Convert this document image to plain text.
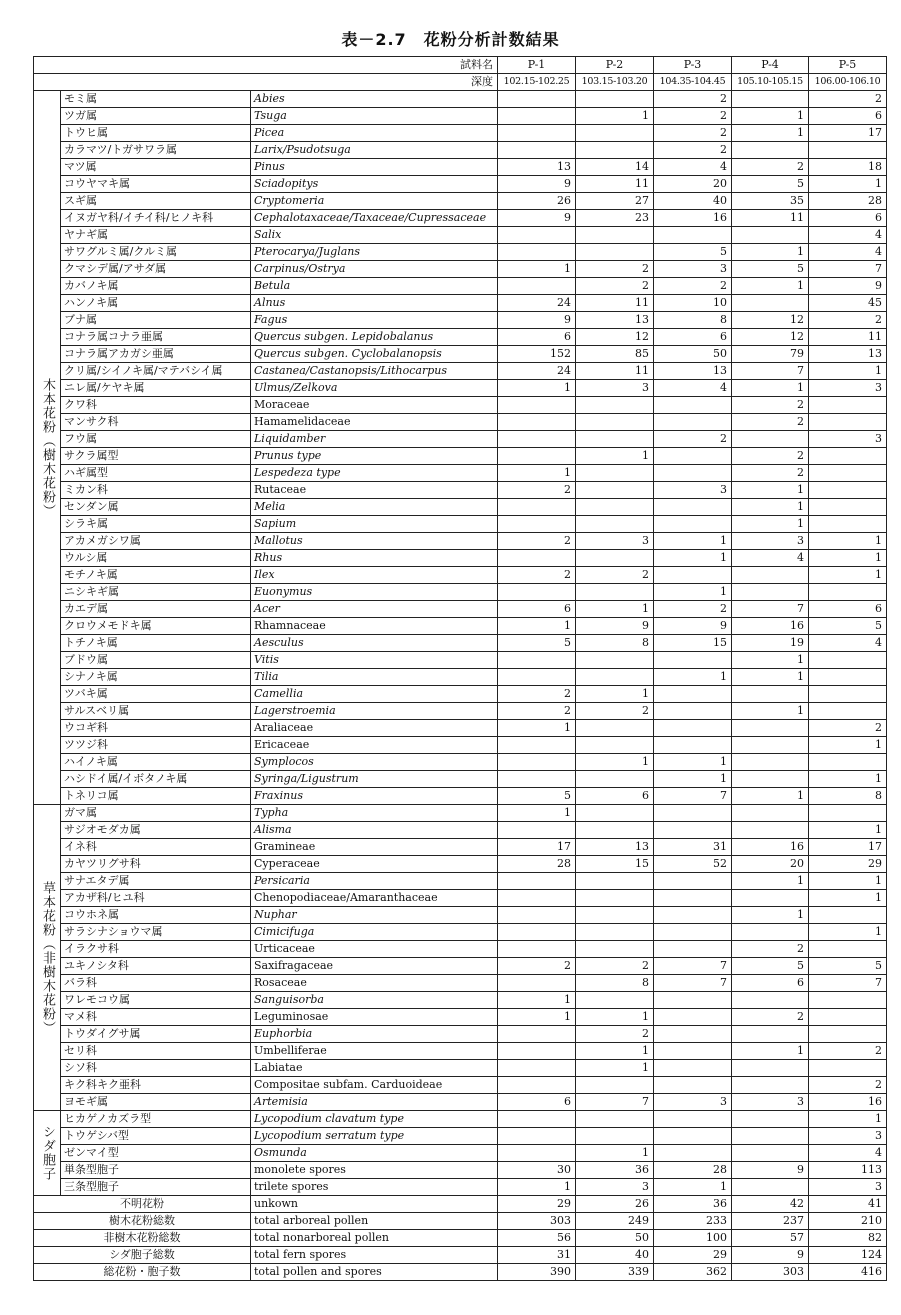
表－2.7　花粉分析計数結果
試料名			P-1	P-2	P-3	P-4	P-5
深度			102.15-102.25	103.15-103.20	104.35-104.45	105.10-105.15	106.00-106.10
木本花粉（樹木花粉）	モミ属	Abies			2		2
	ツガ属	Tsuga		1	2	1	6
	トウヒ属	Picea			2	1	17
	カラマツ/トガサワラ属	Larix/Psudotsuga			2		
	マツ属	Pinus	13	14	4	2	18
	コウヤマキ属	Sciadopitys	9	11	20	5	1
	スギ属	Cryptomeria	26	27	40	35	28
	イヌガヤ科/イチイ科/ヒノキ科	Cephalotaxaceae/Taxaceae/Cupressaceae	9	23	16	11	6
	ヤナギ属	Salix					4
	サワグルミ属/クルミ属	Pterocarya/Juglans			5	1	4
	クマシデ属/アサダ属	Carpinus/Ostrya	1	2	3	5	7
	カバノキ属	Betula		2	2	1	9
	ハンノキ属	Alnus	24	11	10		45
	ブナ属	Fagus	9	13	8	12	2
	コナラ属コナラ亜属	Quercus subgen. Lepidobalanus	6	12	6	12	11
	コナラ属アカガシ亜属	Quercus subgen. Cyclobalanopsis	152	85	50	79	13
	クリ属/シイノキ属/マテバシイ属	Castanea/Castanopsis/Lithocarpus	24	11	13	7	1
	ニレ属/ケヤキ属	Ulmus/Zelkova	1	3	4	1	3
	クワ科	Moraceae				2	
	マンサク科	Hamamelidaceae				2	
	フウ属	Liquidamber			2		3
	サクラ属型	Prunus type		1		2	
	ハギ属型	Lespedeza type	1			2	
	ミカン科	Rutaceae	2		3	1	
	センダン属	Melia				1	
	シラキ属	Sapium				1	
	アカメガシワ属	Mallotus	2	3	1	3	1
	ウルシ属	Rhus			1	4	1
	モチノキ属	Ilex	2	2			1
	ニシキギ属	Euonymus			1		
	カエデ属	Acer	6	1	2	7	6
	クロウメモドキ属	Rhamnaceae	1	9	9	16	5
	トチノキ属	Aesculus	5	8	15	19	4
	ブドウ属	Vitis				1	
	シナノキ属	Tilia			1	1	
	ツバキ属	Camellia	2	1			
	サルスベリ属	Lagerstroemia	2	2		1	
	ウコギ科	Araliaceae	1				2
	ツツジ科	Ericaceae					1
	ハイノキ属	Symplocos		1	1		
	ハシドイ属/イボタノキ属	Syringa/Ligustrum			1		1
	トネリコ属	Fraxinus	5	6	7	1	8
草本花粉（非樹木花粉）	ガマ属	Typha	1				
	サジオモダカ属	Alisma					1
	イネ科	Gramineae	17	13	31	16	17
	カヤツリグサ科	Cyperaceae	28	15	52	20	29
	サナエタデ属	Persicaria				1	1
	アカザ科/ヒユ科	Chenopodiaceae/Amaranthaceae					1
	コウホネ属	Nuphar				1	
	サラシナショウマ属	Cimicifuga					1
	イラクサ科	Urticaceae				2	
	ユキノシタ科	Saxifragaceae	2	2	7	5	5
	バラ科	Rosaceae		8	7	6	7
	ワレモコウ属	Sanguisorba	1				
	マメ科	Leguminosae	1	1		2	
	トウダイグサ属	Euphorbia		2			
	セリ科	Umbelliferae		1		1	2
	シソ科	Labiatae		1			
	キク科キク亜科	Compositae subfam. Carduoideae					2
	ヨモギ属	Artemisia	6	7	3	3	16
シダ胞子	ヒカゲノカズラ型	Lycopodium clavatum type					1
	トウゲシバ型	Lycopodium serratum type					3
	ゼンマイ型	Osmunda		1			4
	単条型胞子	monolete spores	30	36	28	9	113
	三条型胞子	trilete spores	1	3	1		3
不明花粉		unkown	29	26	36	42	41
樹木花粉総数		total arboreal pollen	303	249	233	237	210
非樹木花粉総数		total nonarboreal pollen	56	50	100	57	82
シダ胞子総数		total fern spores	31	40	29	9	124
総花粉・胞子数		total pollen and spores	390	339	362	303	416
